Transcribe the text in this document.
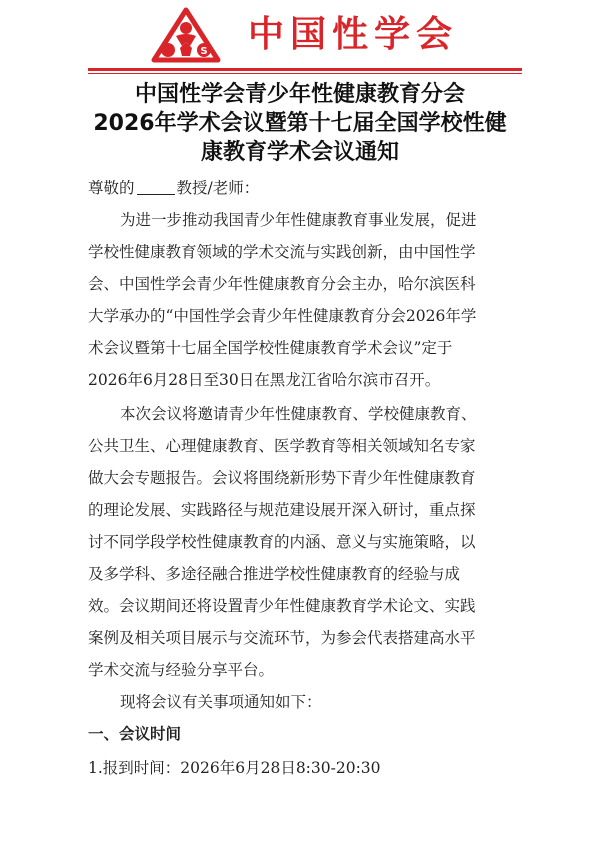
S 中国性学会
中国性学会青少年性健康教育分会
2026年学术会议暨第十七届全国学校性健
康教育学术会议通知
尊敬的	教授/老师：
为进一步推动我国青少年性健康教育事业发展，促进
学校性健康教育领域的学术交流与实践创新，由中国性学
会、中国性学会青少年性健康教育分会主办，哈尔滨医科
大学承办的“中国性学会青少年性健康教育分会2026年学
术会议暨第十七届全国学校性健康教育学术会议”定于
2026年6月28日至30日在黑龙江省哈尔滨市召开。
本次会议将邀请青少年性健康教育、学校健康教育、
公共卫生、心理健康教育、医学教育等相关领域知名专家
做大会专题报告。会议将围绕新形势下青少年性健康教育
的理论发展、实践路径与规范建设展开深入研讨，重点探
讨不同学段学校性健康教育的内涵、意义与实施策略，以
及多学科、多途径融合推进学校性健康教育的经验与成
效。会议期间还将设置青少年性健康教育学术论文、实践
案例及相关项目展示与交流环节，为参会代表搭建高水平
学术交流与经验分享平台。
现将会议有关事项通知如下：
一、会议时间
1.报到时间：2026年6月28日8:30-20:30
